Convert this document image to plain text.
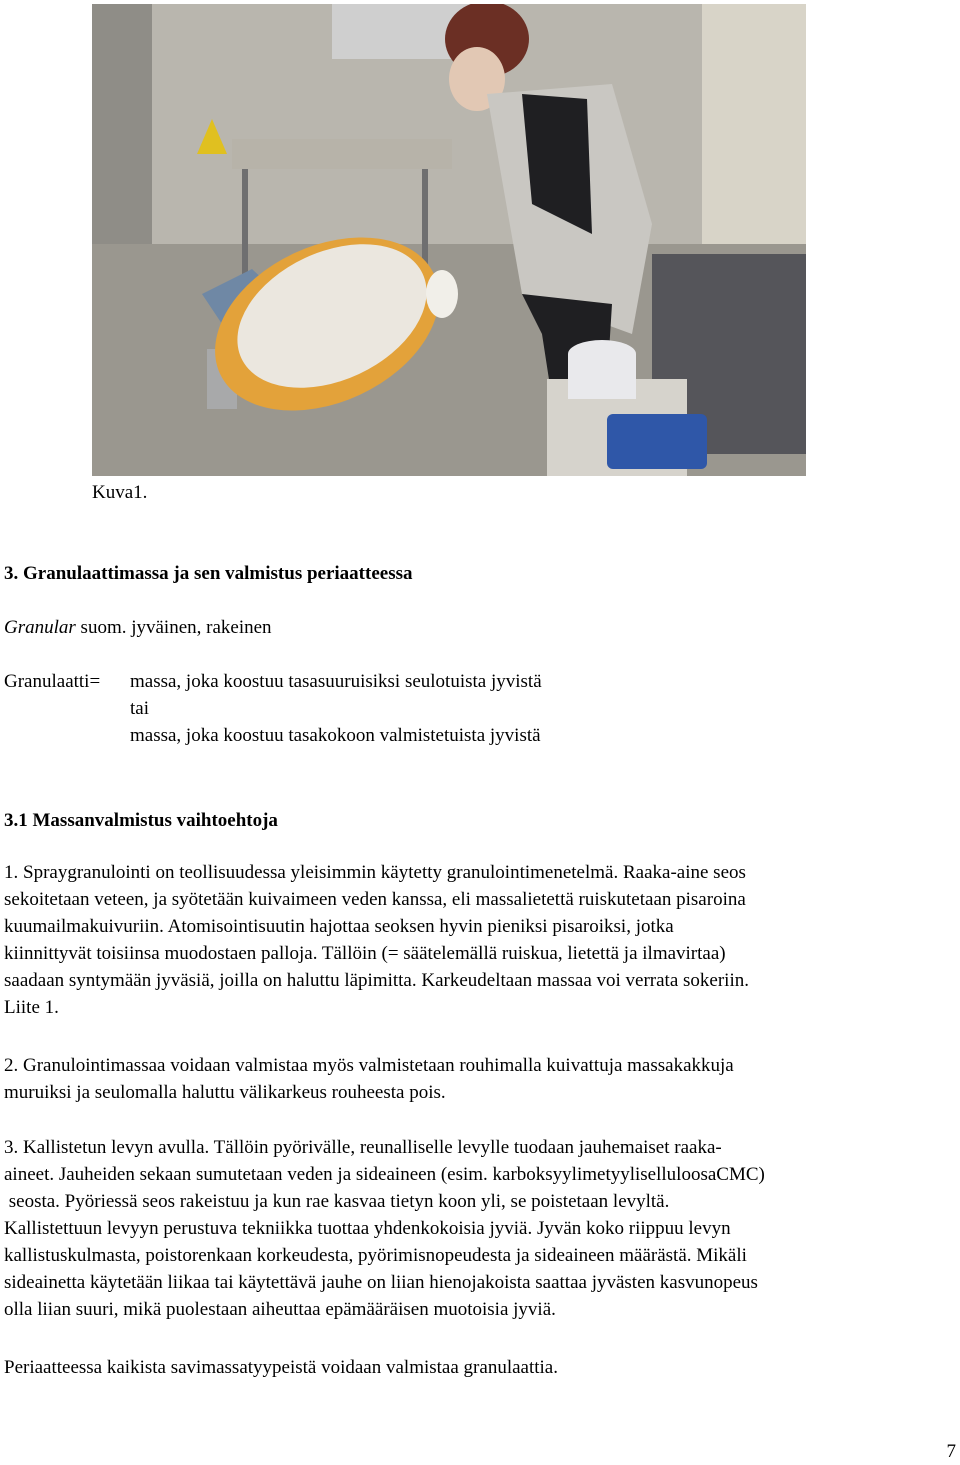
Kuva1.
3. Granulaattimassa ja sen valmistus periaatteessa
Granular suom. jyväinen, rakeinen
Granulaatti= massa, joka koostuu tasasuuruisiksi seulotuista jyvistä
tai
massa, joka koostuu tasakokoon valmistetuista jyvistä
3.1 Massanvalmistus vaihtoehtoja
1. Spraygranulointi on teollisuudessa yleisimmin käytetty granulointimenetelmä. Raaka-aine seos
sekoitetaan veteen, ja syötetään kuivaimeen veden kanssa, eli massalietettä ruiskutetaan pisaroina
kuumailmakuivuriin. Atomisointisuutin hajottaa seoksen hyvin pieniksi pisaroiksi, jotka
kiinnittyvät toisiinsa muodostaen palloja. Tällöin (= säätelemällä ruiskua, lietettä ja ilmavirtaa)
saadaan syntymään jyväsiä, joilla on haluttu läpimitta. Karkeudeltaan massaa voi verrata sokeriin.
Liite 1.
2. Granulointimassaa voidaan valmistaa myös valmistetaan rouhimalla kuivattuja massakakkuja
muruiksi ja seulomalla haluttu välikarkeus rouheesta pois.
3. Kallistetun levyn avulla. Tällöin pyörivälle, reunalliselle levylle tuodaan jauhemaiset raaka-
aineet. Jauheiden sekaan sumutetaan veden ja sideaineen (esim. karboksyylimetyyliselluloosaCMC)
seosta. Pyöriessä seos rakeistuu ja kun rae kasvaa tietyn koon yli, se poistetaan levyltä.
Kallistettuun levyyn perustuva tekniikka tuottaa yhdenkokoisia jyviä. Jyvän koko riippuu levyn
kallistuskulmasta, poistorenkaan korkeudesta, pyörimisnopeudesta ja sideaineen määrästä. Mikäli
sideainetta käytetään liikaa tai käytettävä jauhe on liian hienojakoista saattaa jyvästen kasvunopeus
olla liian suuri, mikä puolestaan aiheuttaa epämääräisen muotoisia jyviä.
Periaatteessa kaikista savimassatyypeistä voidaan valmistaa granulaattia.
7
